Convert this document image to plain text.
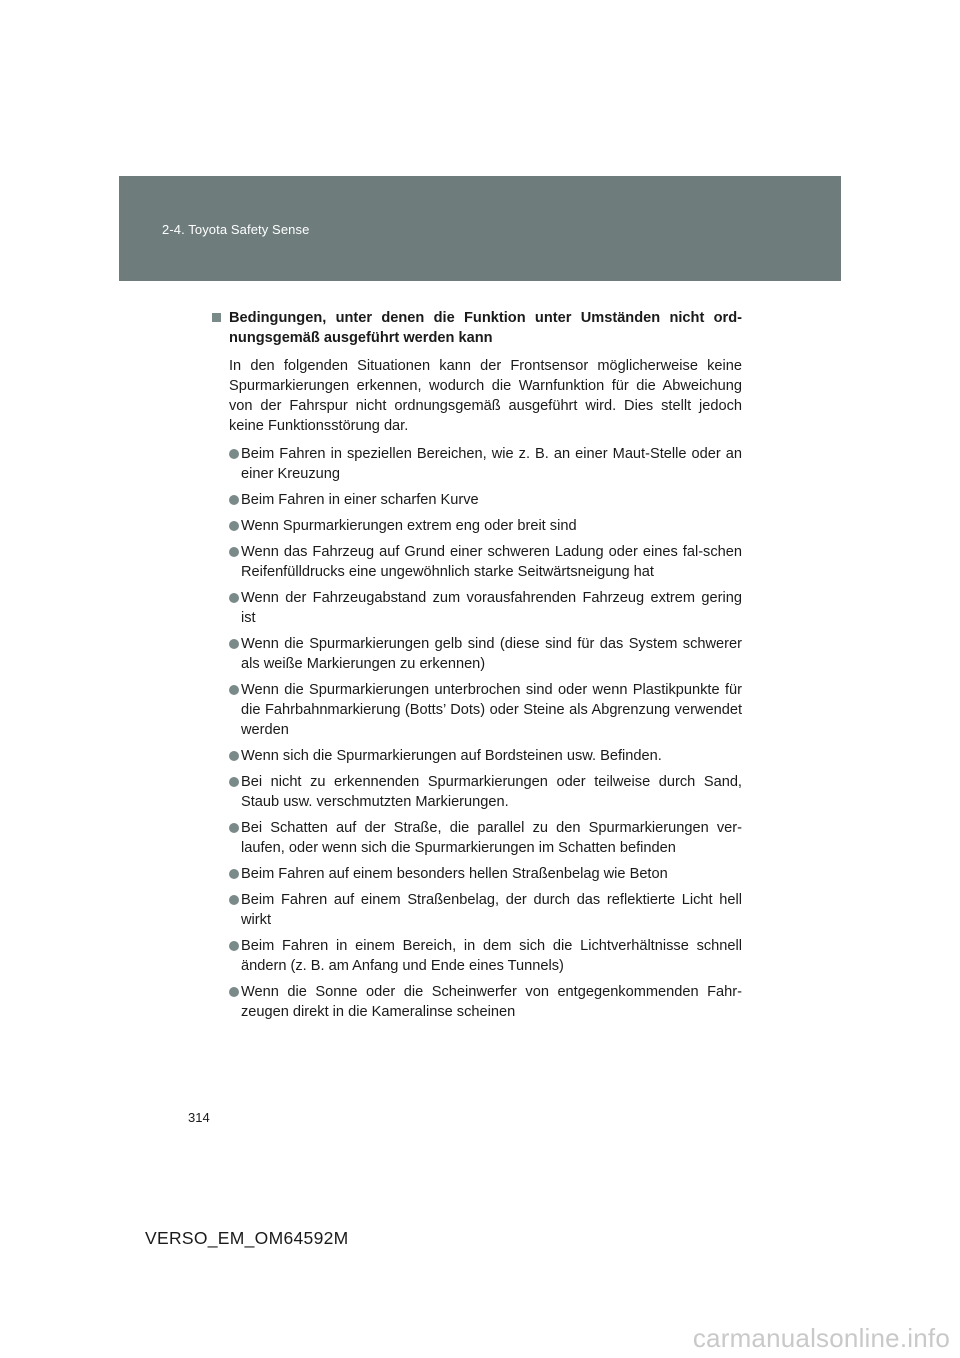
2-4. Toyota Safety Sense

Bedingungen, unter denen die Funktion unter Umständen nicht ord-nungsgemäß ausgeführt werden kann

In den folgenden Situationen kann der Frontsensor möglicherweise keine Spurmarkierungen erkennen, wodurch die Warnfunktion für die Abweichung von der Fahrspur nicht ordnungsgemäß ausgeführt wird. Dies stellt jedoch keine Funktionsstörung dar.

Beim Fahren in speziellen Bereichen, wie z. B. an einer Maut-Stelle oder an einer Kreuzung
Beim Fahren in einer scharfen Kurve
Wenn Spurmarkierungen extrem eng oder breit sind
Wenn das Fahrzeug auf Grund einer schweren Ladung oder eines fal-schen Reifenfülldrucks eine ungewöhnlich starke Seitwärtsneigung hat
Wenn der Fahrzeugabstand zum vorausfahrenden Fahrzeug extrem gering ist
Wenn die Spurmarkierungen gelb sind (diese sind für das System schwerer als weiße Markierungen zu erkennen)
Wenn die Spurmarkierungen unterbrochen sind oder wenn Plastikpunkte für die Fahrbahnmarkierung (Botts’ Dots) oder Steine als Abgrenzung verwendet werden
Wenn sich die Spurmarkierungen auf Bordsteinen usw. Befinden.
Bei nicht zu erkennenden Spurmarkierungen oder teilweise durch Sand, Staub usw. verschmutzten Markierungen.
Bei Schatten auf der Straße, die parallel zu den Spurmarkierungen ver-laufen, oder wenn sich die Spurmarkierungen im Schatten befinden
Beim Fahren auf einem besonders hellen Straßenbelag wie Beton
Beim Fahren auf einem Straßenbelag, der durch das reflektierte Licht hell wirkt
Beim Fahren in einem Bereich, in dem sich die Lichtverhältnisse schnell ändern (z. B. am Anfang und Ende eines Tunnels)
Wenn die Sonne oder die Scheinwerfer von entgegenkommenden Fahr-zeugen direkt in die Kameralinse scheinen
314
VERSO_EM_OM64592M
carmanualsonline.info
